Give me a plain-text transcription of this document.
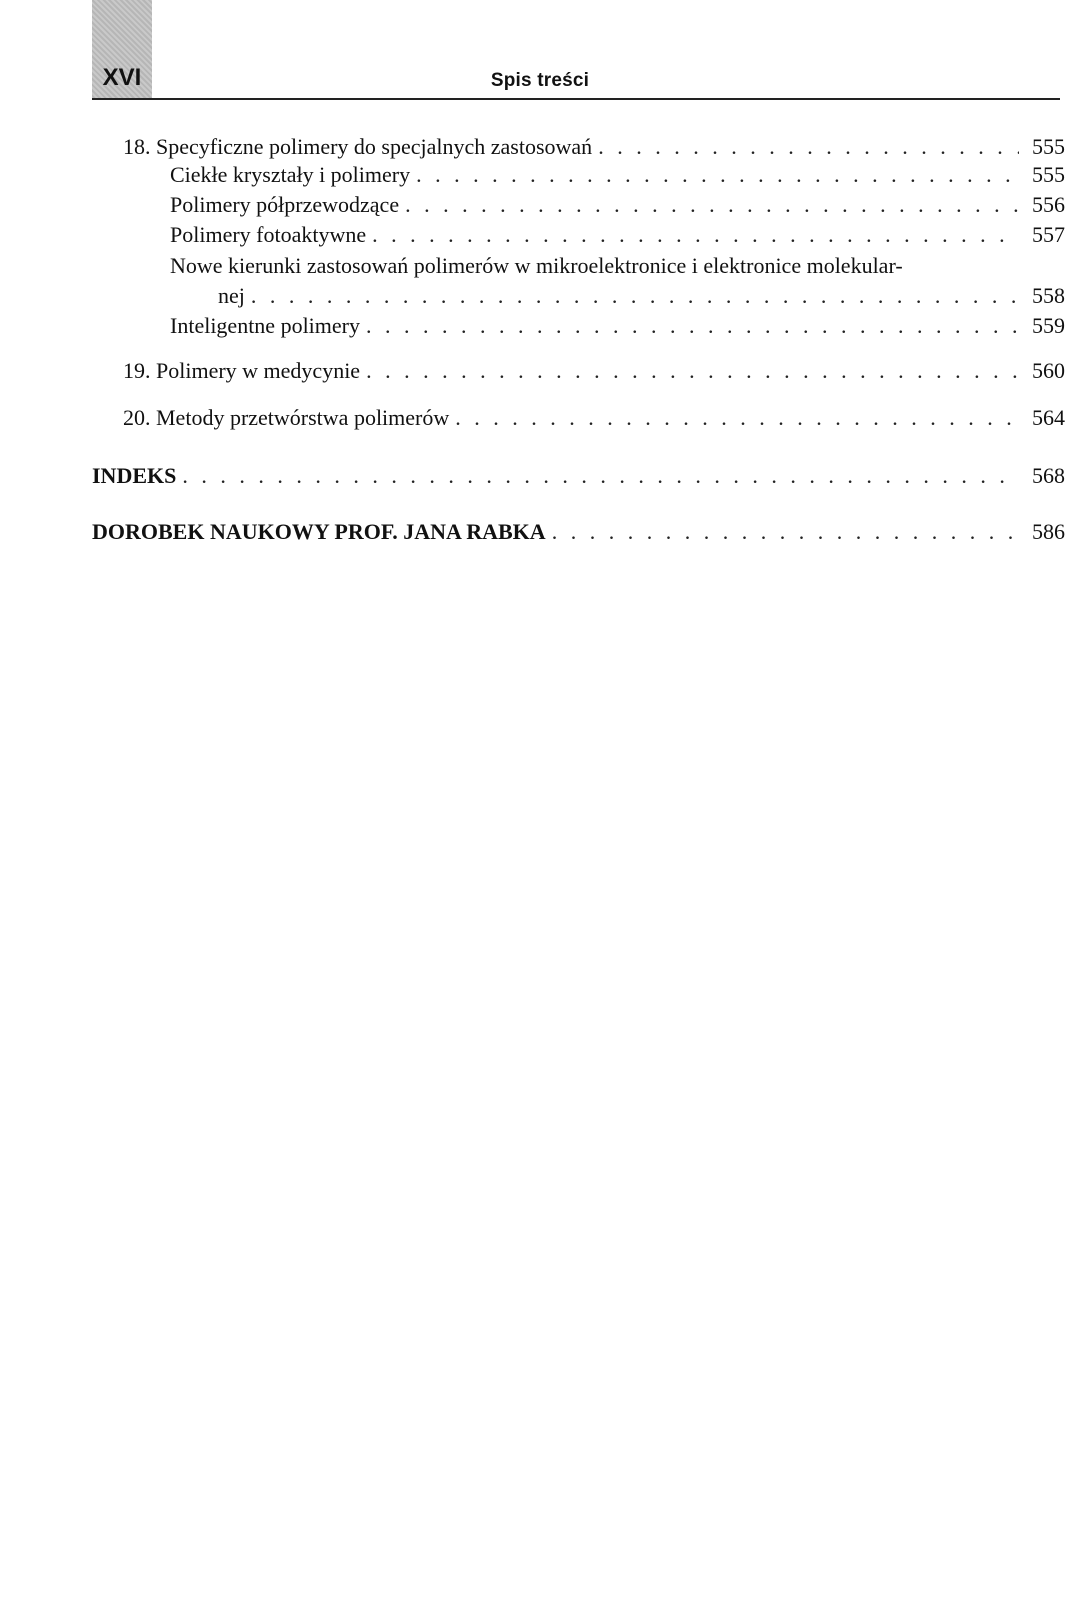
XVI	Spis treści
18. Specyficzne polimery do specjalnych zastosowań . . .	555
Ciekłe kryształy i polimery . . .	555
Polimery półprzewodzące . . .	556
Polimery fotoaktywne . . .	557
Nowe kierunki zastosowań polimerów w mikroelektronice i elektronice molekular-
nej . . .	558
Inteligentne polimery . . .	559
19. Polimery w medycynie . . .	560
20. Metody przetwórstwa polimerów . . .	564
INDEKS . . .	568
DOROBEK NAUKOWY PROF. JANA RABKA . . .	586
